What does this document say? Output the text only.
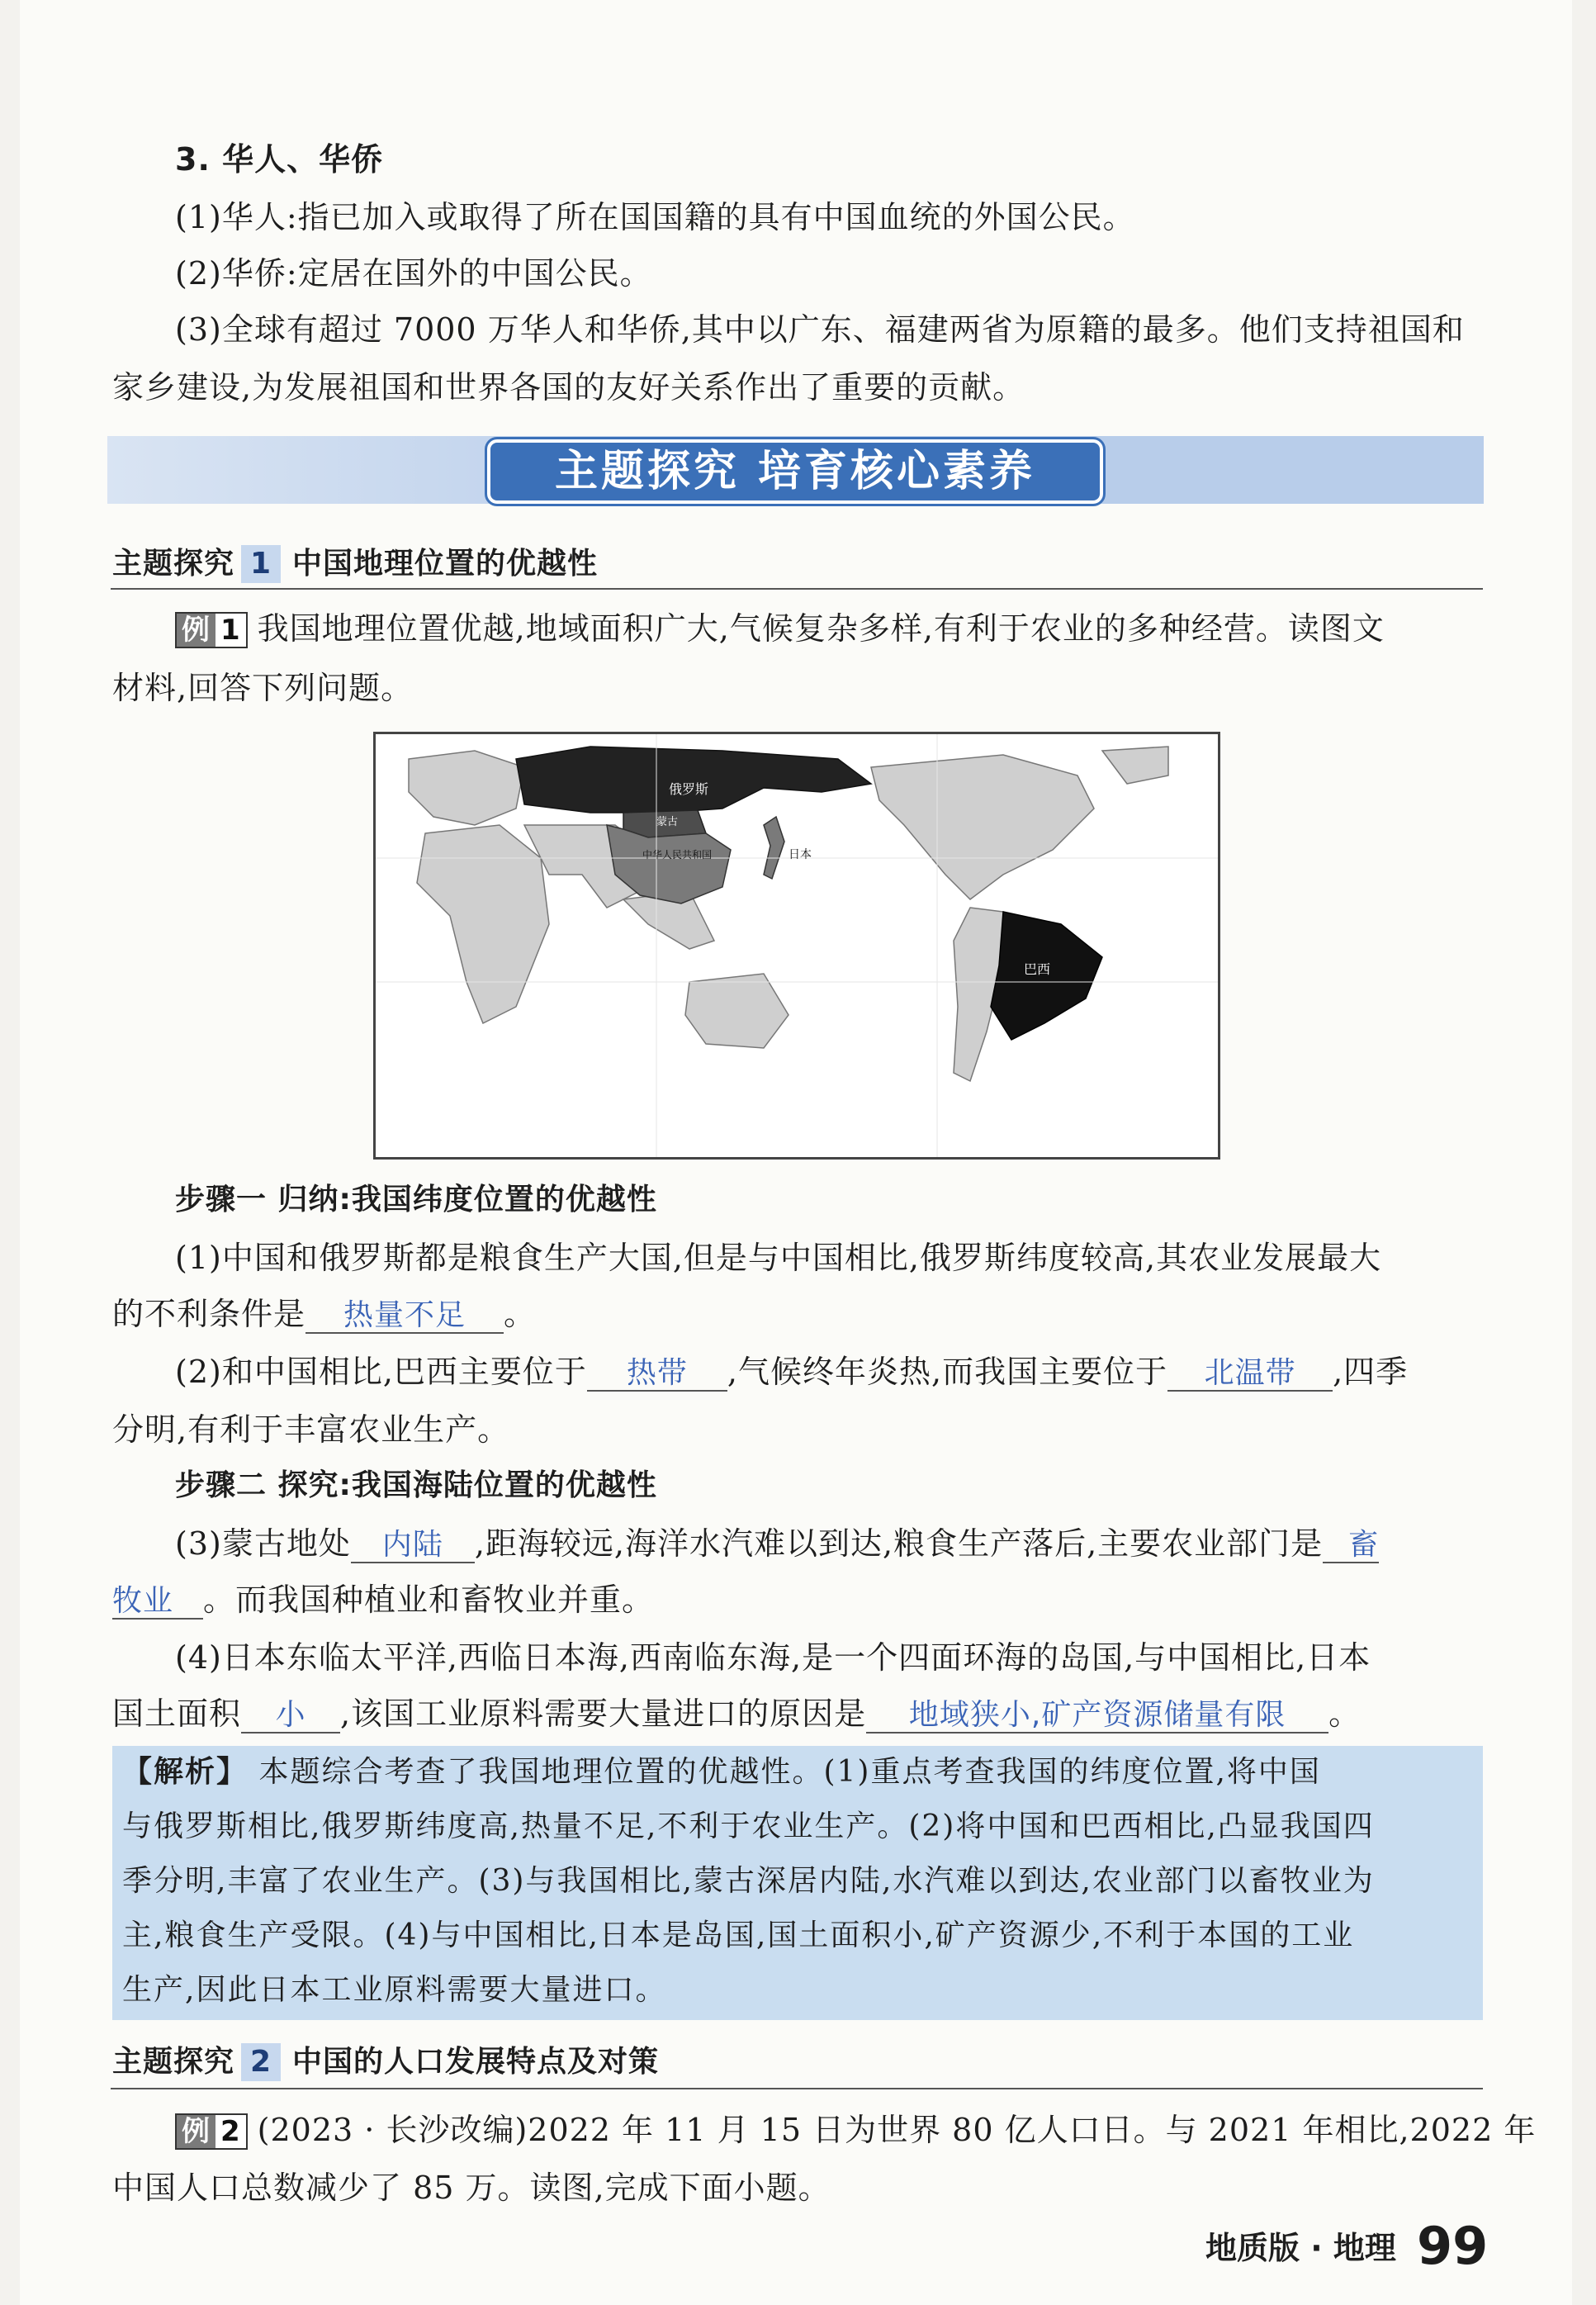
3. 华人、华侨
(1)华人:指已加入或取得了所在国国籍的具有中国血统的外国公民。
(2)华侨:定居在国外的中国公民。
(3)全球有超过 7000 万华人和华侨,其中以广东、福建两省为原籍的最多。他们支持祖国和
家乡建设,为发展祖国和世界各国的友好关系作出了重要的贡献。
主题探究 培育核心素养
主题探究 1 中国地理位置的优越性
例 1 我国地理位置优越,地域面积广大,气候复杂多样,有利于农业的多种经营。读图文
材料,回答下列问题。
俄罗斯
蒙古
中华人民共和国	日本
巴西
步骤一 归纳:我国纬度位置的优越性
(1)中国和俄罗斯都是粮食生产大国,但是与中国相比,俄罗斯纬度较高,其农业发展最大
的不利条件是 热量不足 。
(2)和中国相比,巴西主要位于 热带 ,气候终年炎热,而我国主要位于 北温带 ,四季
分明,有利于丰富农业生产。
步骤二 探究:我国海陆位置的优越性
(3)蒙古地处 内陆 ,距海较远,海洋水汽难以到达,粮食生产落后,主要农业部门是 畜
牧业 。而我国种植业和畜牧业并重。
(4)日本东临太平洋,西临日本海,西南临东海,是一个四面环海的岛国,与中国相比,日本
国土面积 小 ,该国工业原料需要大量进口的原因是 地域狭小,矿产资源储量有限 。
【解析】 本题综合考查了我国地理位置的优越性。(1)重点考查我国的纬度位置,将中国
与俄罗斯相比,俄罗斯纬度高,热量不足,不利于农业生产。(2)将中国和巴西相比,凸显我国四
季分明,丰富了农业生产。(3)与我国相比,蒙古深居内陆,水汽难以到达,农业部门以畜牧业为
主,粮食生产受限。(4)与中国相比,日本是岛国,国土面积小,矿产资源少,不利于本国的工业
生产,因此日本工业原料需要大量进口。
主题探究 2 中国的人口发展特点及对策
例 2 (2023 · 长沙改编)2022 年 11 月 15 日为世界 80 亿人口日。与 2021 年相比,2022 年
中国人口总数减少了 85 万。读图,完成下面小题。
地质版 · 地理 99
